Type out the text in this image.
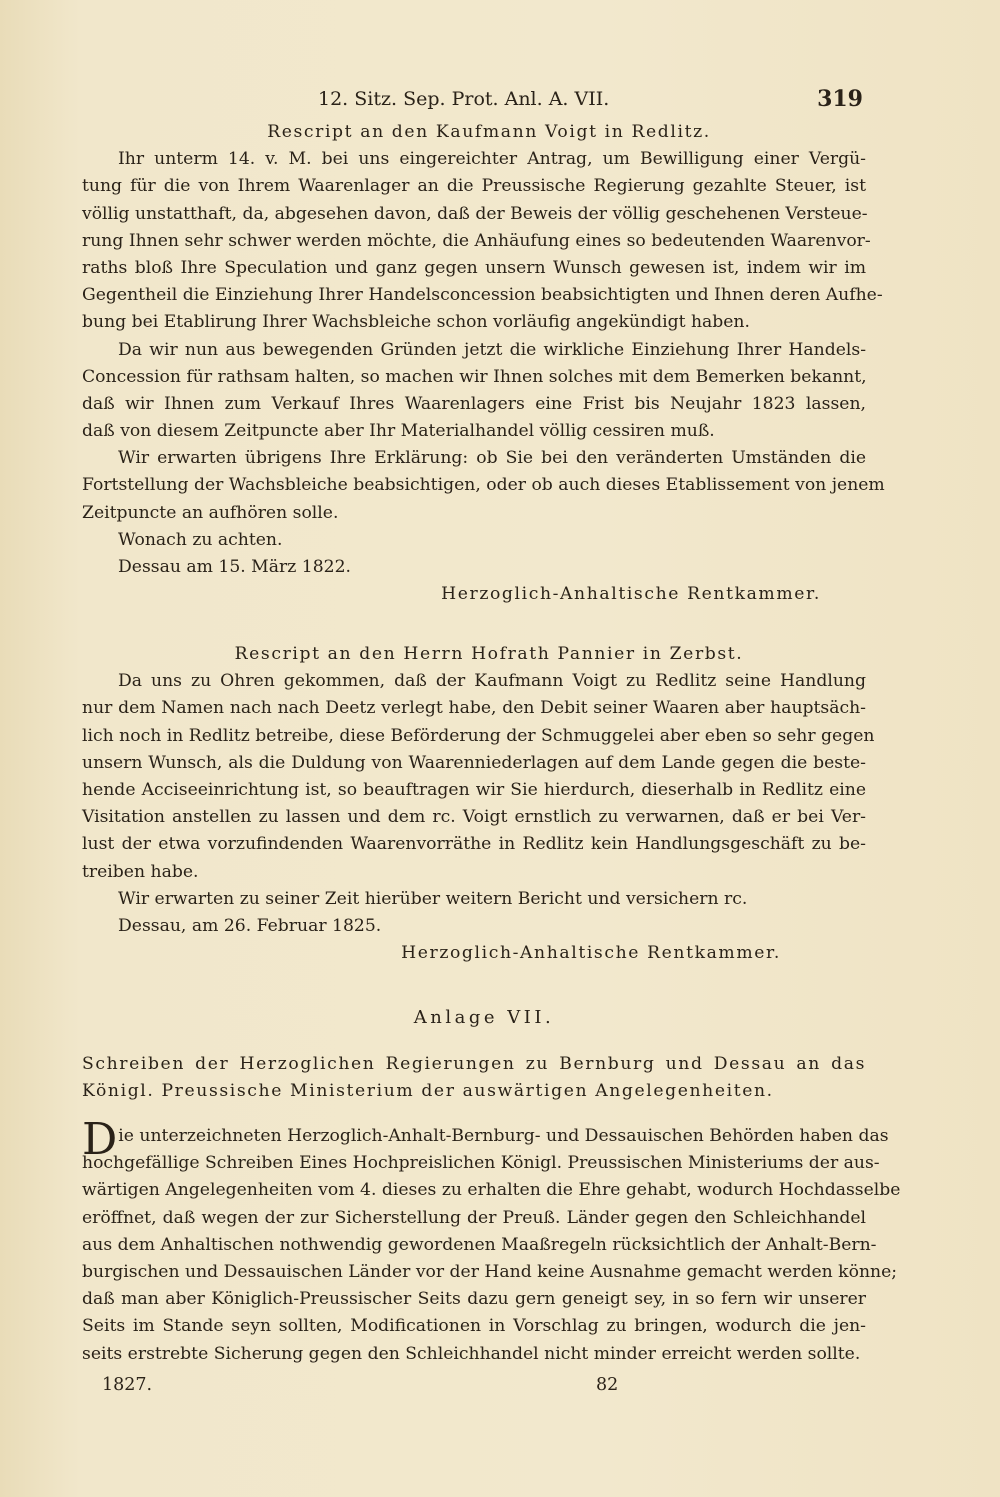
12. Sitz. Sep. Prot. Anl. A. VII.	319
Rescript an den Kaufmann Voigt in Redlitz.
Ihr unterm 14. v. M. bei uns eingereichter Antrag, um Bewilligung einer Vergü-
tung für die von Ihrem Waarenlager an die Preussische Regierung gezahlte Steuer, ist
völlig unstatthaft, da, abgesehen davon, daß der Beweis der völlig geschehenen Versteue-
rung Ihnen sehr schwer werden möchte, die Anhäufung eines so bedeutenden Waarenvor-
raths bloß Ihre Speculation und ganz gegen unsern Wunsch gewesen ist, indem wir im
Gegentheil die Einziehung Ihrer Handelsconcession beabsichtigten und Ihnen deren Aufhe-
bung bei Etablirung Ihrer Wachsbleiche schon vorläufig angekündigt haben.
Da wir nun aus bewegenden Gründen jetzt die wirkliche Einziehung Ihrer Handels-
Concession für rathsam halten, so machen wir Ihnen solches mit dem Bemerken bekannt,
daß wir Ihnen zum Verkauf Ihres Waarenlagers eine Frist bis Neujahr 1823 lassen,
daß von diesem Zeitpuncte aber Ihr Materialhandel völlig cessiren muß.
Wir erwarten übrigens Ihre Erklärung: ob Sie bei den veränderten Umständen die
Fortstellung der Wachsbleiche beabsichtigen, oder ob auch dieses Etablissement von jenem
Zeitpuncte an aufhören solle.
Wonach zu achten.
Dessau am 15. März 1822.
Herzoglich-Anhaltische Rentkammer.
Rescript an den Herrn Hofrath Pannier in Zerbst.
Da uns zu Ohren gekommen, daß der Kaufmann Voigt zu Redlitz seine Handlung
nur dem Namen nach nach Deetz verlegt habe, den Debit seiner Waaren aber hauptsäch-
lich noch in Redlitz betreibe, diese Beförderung der Schmuggelei aber eben so sehr gegen
unsern Wunsch, als die Duldung von Waarenniederlagen auf dem Lande gegen die beste-
hende Acciseeinrichtung ist, so beauftragen wir Sie hierdurch, dieserhalb in Redlitz eine
Visitation anstellen zu lassen und dem rc. Voigt ernstlich zu verwarnen, daß er bei Ver-
lust der etwa vorzufindenden Waarenvorräthe in Redlitz kein Handlungsgeschäft zu be-
treiben habe.
Wir erwarten zu seiner Zeit hierüber weitern Bericht und versichern rc.
Dessau, am 26. Februar 1825.
Herzoglich-Anhaltische Rentkammer.
Anlage VII.
Schreiben der Herzoglichen Regierungen zu Bernburg und Dessau an das
Königl. Preussische Ministerium der auswärtigen Angelegenheiten.
Die unterzeichneten Herzoglich-Anhalt-Bernburg- und Dessauischen Behörden haben das
hochgefällige Schreiben Eines Hochpreislichen Königl. Preussischen Ministeriums der aus-
wärtigen Angelegenheiten vom 4. dieses zu erhalten die Ehre gehabt, wodurch Hochdasselbe
eröffnet, daß wegen der zur Sicherstellung der Preuß. Länder gegen den Schleichhandel
aus dem Anhaltischen nothwendig gewordenen Maaßregeln rücksichtlich der Anhalt-Bern-
burgischen und Dessauischen Länder vor der Hand keine Ausnahme gemacht werden könne;
daß man aber Königlich-Preussischer Seits dazu gern geneigt sey, in so fern wir unserer
Seits im Stande seyn sollten, Modificationen in Vorschlag zu bringen, wodurch die jen-
seits erstrebte Sicherung gegen den Schleichhandel nicht minder erreicht werden sollte.
1827.	82
